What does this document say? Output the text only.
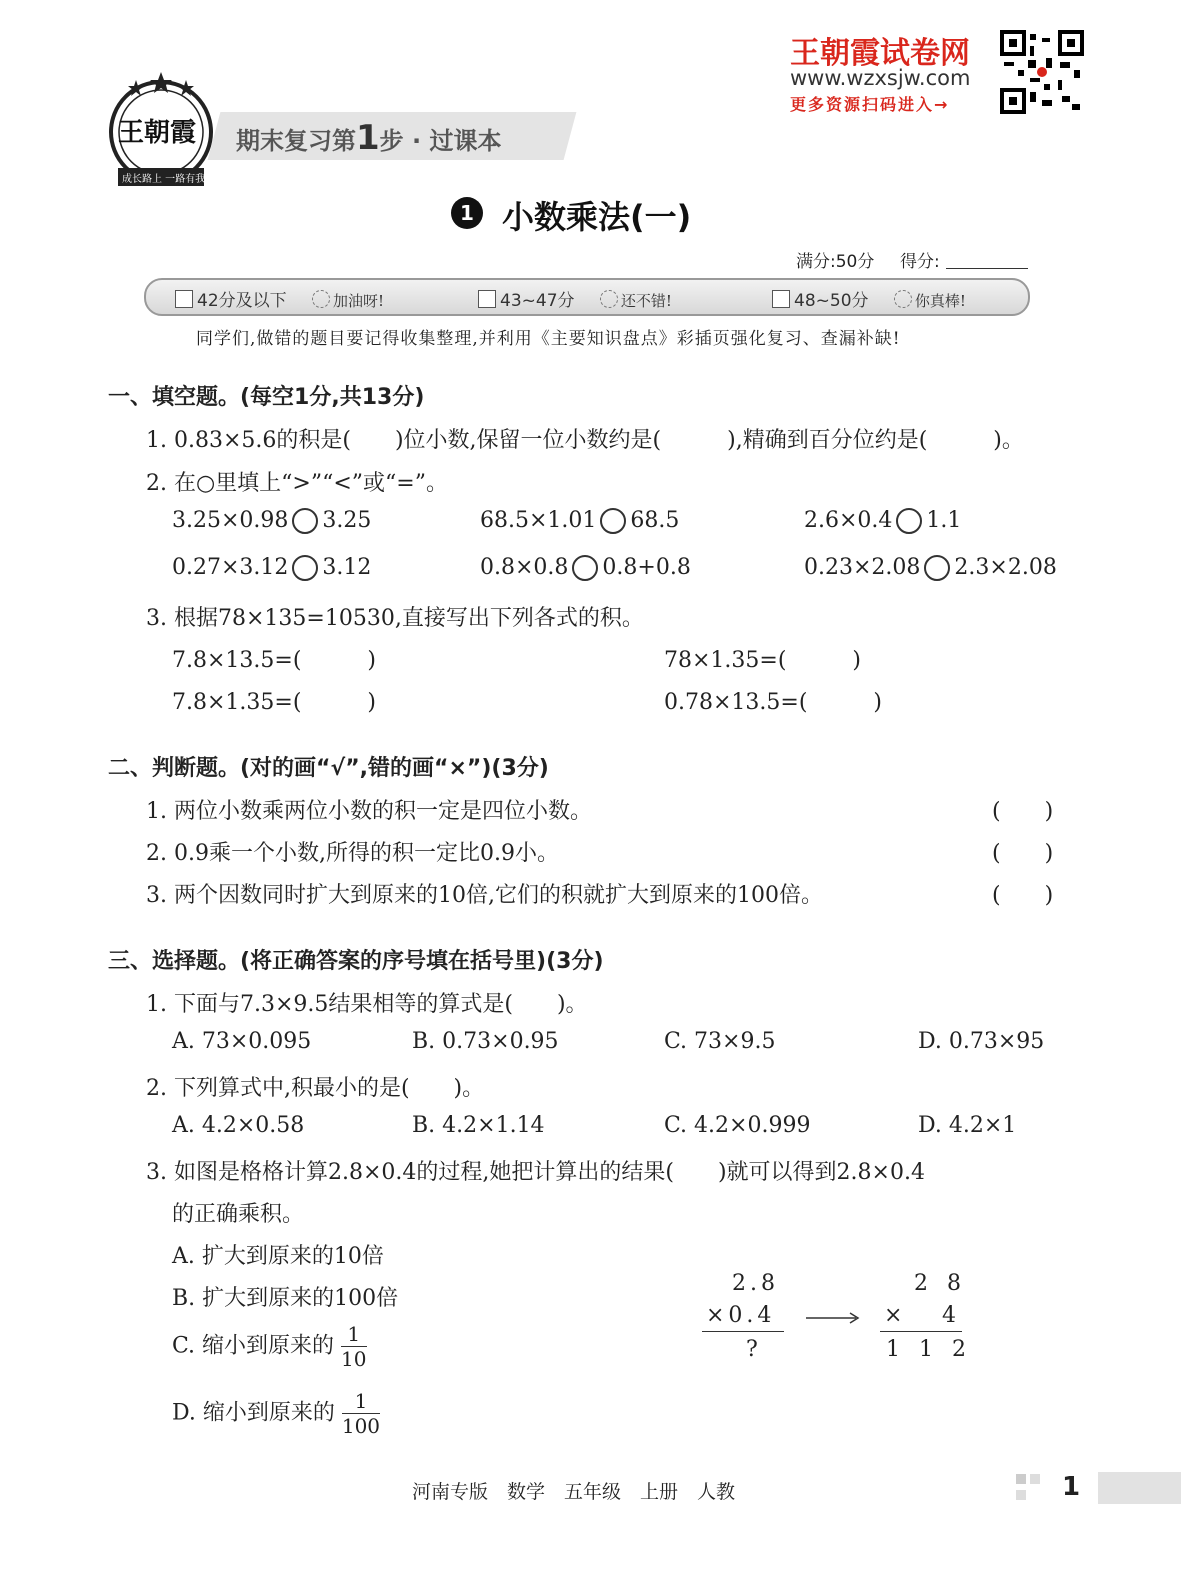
王朝霞
成长路上 一路有我
期末复习第1步 · 过课本
王朝霞试卷网
www.wzxsjw.com
更多资源扫码进入→
1 小数乘法(一)
满分:50分 得分:
42分及以下	加油呀!	43~47分	还不错!	48~50分	你真棒!
同学们,做错的题目要记得收集整理,并利用《主要知识盘点》彩插页强化复习、查漏补缺!
一、填空题。(每空1分,共13分)
1. 0.83×5.6的积是(　　)位小数,保留一位小数约是(　　　),精确到百分位约是(　　　)。
2. 在○里填上“>”“<”或“=”。
3.25×0.98 3.25	68.5×1.01 68.5	2.6×0.4 1.1
0.27×3.12 3.12	0.8×0.8 0.8+0.8	0.23×2.08 2.3×2.08
3. 根据78×135=10530,直接写出下列各式的积。
7.8×13.5=(　　　)	78×1.35=(　　　)
7.8×1.35=(　　　)	0.78×13.5=(　　　)
二、判断题。(对的画“√”,错的画“×”)(3分)
1. 两位小数乘两位小数的积一定是四位小数。	(　　)
2. 0.9乘一个小数,所得的积一定比0.9小。	(　　)
3. 两个因数同时扩大到原来的10倍,它们的积就扩大到原来的100倍。	(　　)
三、选择题。(将正确答案的序号填在括号里)(3分)
1. 下面与7.3×9.5结果相等的算式是(　　)。
A. 73×0.095	B. 0.73×0.95	C. 73×9.5	D. 0.73×95
2. 下列算式中,积最小的是(　　)。
A. 4.2×0.58	B. 4.2×1.14	C. 4.2×0.999	D. 4.2×1
3. 如图是格格计算2.8×0.4的过程,她把计算出的结果(　　)就可以得到2.8×0.4
的正确乘积。
A. 扩大到原来的10倍
B. 扩大到原来的100倍
C. 缩小到原来的 $\frac{1}{10}$
D. 缩小到原来的 $\frac{1}{100}$
2.8
×0.4
?
2 8
× 4
1 1 2
河南专版　数学　五年级　上册　人教	1
